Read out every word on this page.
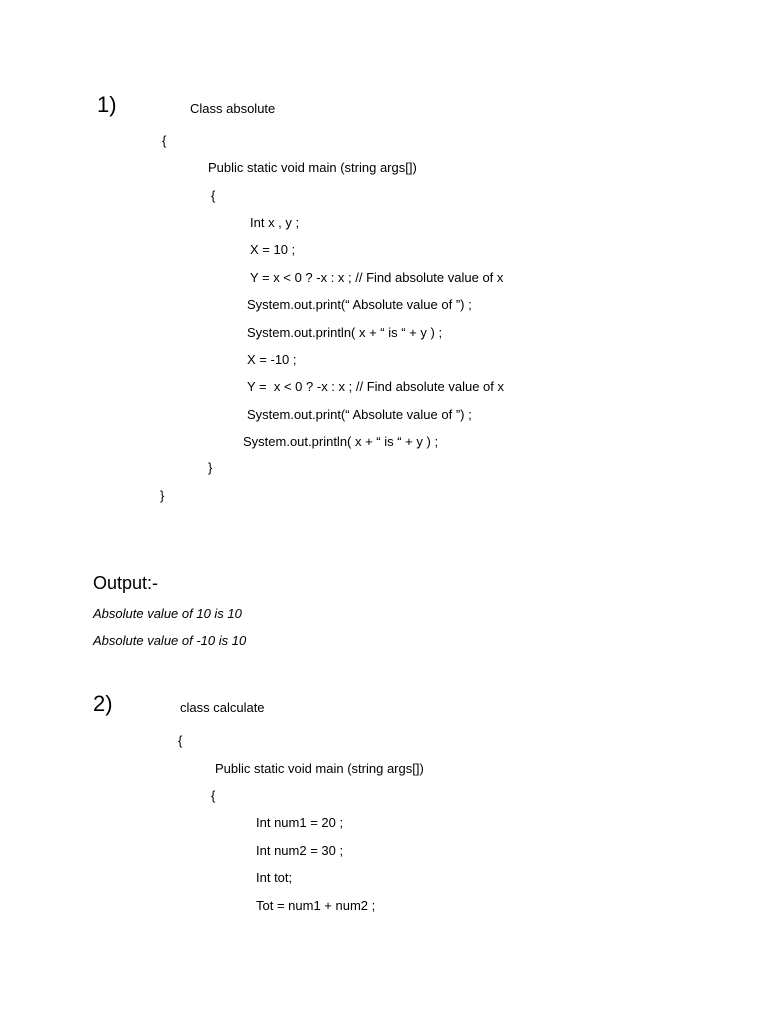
1)	Class absolute
{
Public static void main (string args[])
{
Int x , y ;
X = 10 ;
Y = x < 0 ? -x : x ; // Find absolute value of x
System.out.print(“ Absolute value of ”) ;
System.out.println( x + “ is “ + y ) ;
X = -10 ;
Y =  x < 0 ? -x : x ; // Find absolute value of x
System.out.print(“ Absolute value of ”) ;
System.out.println( x + “ is “ + y ) ;
}
}
Output:-
Absolute value of 10 is 10
Absolute value of -10 is 10
2)	class calculate
{
Public static void main (string args[])
{
Int num1 = 20 ;
Int num2 = 30 ;
Int tot;
Tot = num1 + num2 ;
